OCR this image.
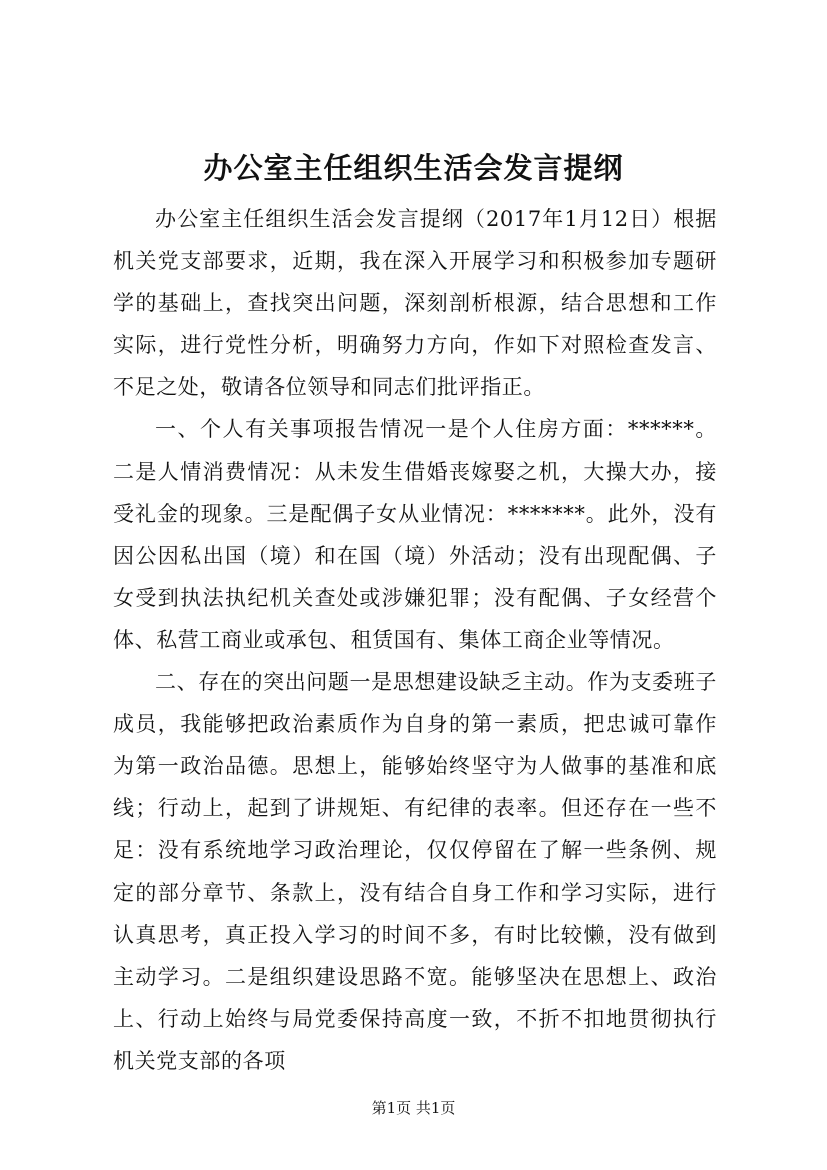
办公室主任组织生活会发言提纲

办公室主任组织生活会发言提纲（2017年1月12日）根据机关党支部要求，近期，我在深入开展学习和积极参加专题研学的基础上，查找突出问题，深刻剖析根源，结合思想和工作实际，进行党性分析，明确努力方向，作如下对照检查发言、不足之处，敬请各位领导和同志们批评指正。

一、个人有关事项报告情况一是个人住房方面：******。二是人情消费情况：从未发生借婚丧嫁娶之机，大操大办，接受礼金的现象。三是配偶子女从业情况：*******。此外，没有因公因私出国（境）和在国（境）外活动；没有出现配偶、子女受到执法执纪机关查处或涉嫌犯罪；没有配偶、子女经营个体、私营工商业或承包、租赁国有、集体工商企业等情况。

二、存在的突出问题一是思想建设缺乏主动。作为支委班子成员，我能够把政治素质作为自身的第一素质，把忠诚可靠作为第一政治品德。思想上，能够始终坚守为人做事的基准和底线；行动上，起到了讲规矩、有纪律的表率。但还存在一些不足：没有系统地学习政治理论，仅仅停留在了解一些条例、规定的部分章节、条款上，没有结合自身工作和学习实际，进行认真思考，真正投入学习的时间不多，有时比较懒，没有做到主动学习。二是组织建设思路不宽。能够坚决在思想上、政治上、行动上始终与局党委保持高度一致，不折不扣地贯彻执行机关党支部的各项

第1页 共1页
